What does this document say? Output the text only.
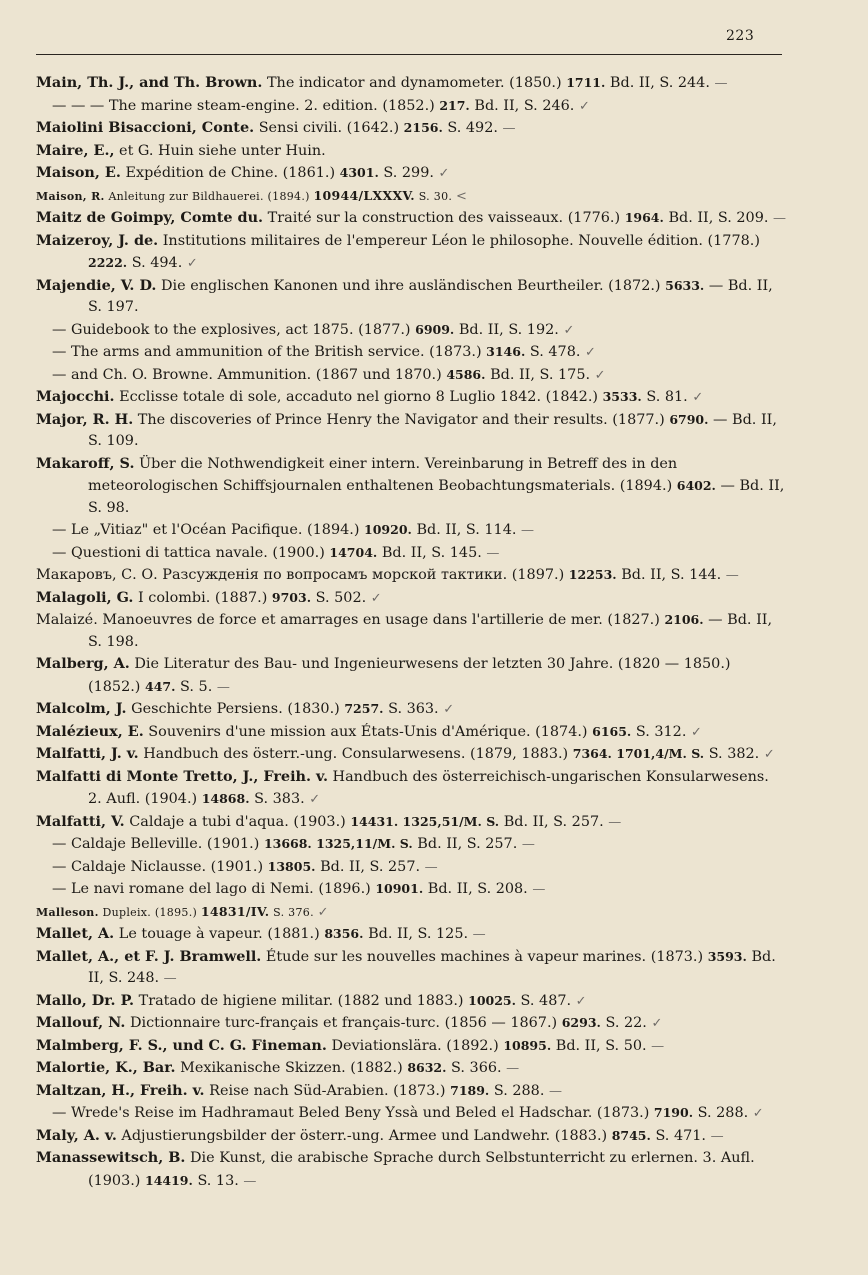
223
Main, Th. J., and Th. Brown. The indicator and dynamometer. (1850.) 1711. Bd. II, S. 244. —
— — — The marine steam-engine. 2. edition. (1852.) 217. Bd. II, S. 246. ✓
Maiolini Bisaccioni, Conte. Sensi civili. (1642.) 2156. S. 492. —
Maire, E., et G. Huin siehe unter Huin.
Maison, E. Expédition de Chine. (1861.) 4301. S. 299. ✓
Maison, R. Anleitung zur Bildhauerei. (1894.) 10944/LXXXV. S. 30. <
Maitz de Goimpy, Comte du. Traité sur la construction des vaisseaux. (1776.) 1964. Bd. II, S. 209. —
Maizeroy, J. de. Institutions militaires de l'empereur Léon le philosophe. Nouvelle édition. (1778.) 2222. S. 494. ✓
Majendie, V. D. Die englischen Kanonen und ihre ausländischen Beurtheiler. (1872.) 5633. — Bd. II, S. 197.
— Guidebook to the explosives, act 1875. (1877.) 6909. Bd. II, S. 192. ✓
— The arms and ammunition of the British service. (1873.) 3146. S. 478. ✓
— and Ch. O. Browne. Ammunition. (1867 und 1870.) 4586. Bd. II, S. 175. ✓
Majocchi. Ecclisse totale di sole, accaduto nel giorno 8 Luglio 1842. (1842.) 3533. S. 81. ✓
Major, R. H. The discoveries of Prince Henry the Navigator and their results. (1877.) 6790. — Bd. II, S. 109.
Makaroff, S. Über die Nothwendigkeit einer intern. Vereinbarung in Betreff des in den meteorologischen Schiffsjournalen enthaltenen Beobachtungsmaterials. (1894.) 6402. — Bd. II, S. 98.
— Le „Vitiaz" et l'Océan Pacifique. (1894.) 10920. Bd. II, S. 114. —
— Questioni di tattica navale. (1900.) 14704. Bd. II, S. 145. —
Макаровъ, С. О. Разсужденія по вопросамъ морской тактики. (1897.) 12253. Bd. II, S. 144. —
Malagoli, G. I colombi. (1887.) 9703. S. 502. ✓
Malaizé. Manoeuvres de force et amarrages en usage dans l'artillerie de mer. (1827.) 2106. — Bd. II, S. 198.
Malberg, A. Die Literatur des Bau- und Ingenieurwesens der letzten 30 Jahre. (1820 — 1850.) (1852.) 447. S. 5. —
Malcolm, J. Geschichte Persiens. (1830.) 7257. S. 363. ✓
Malézieux, E. Souvenirs d'une mission aux États-Unis d'Amérique. (1874.) 6165. S. 312. ✓
Malfatti, J. v. Handbuch des österr.-ung. Consularwesens. (1879, 1883.) 7364. 1701,4/M. S. S. 382. ✓
Malfatti di Monte Tretto, J., Freih. v. Handbuch des österreichisch-ungarischen Konsularwesens. 2. Aufl. (1904.) 14868. S. 383. ✓
Malfatti, V. Caldaje a tubi d'aqua. (1903.) 14431. 1325,51/M. S. Bd. II, S. 257. —
— Caldaje Belleville. (1901.) 13668. 1325,11/M. S. Bd. II, S. 257. —
— Caldaje Niclausse. (1901.) 13805. Bd. II, S. 257. —
— Le navi romane del lago di Nemi. (1896.) 10901. Bd. II, S. 208. —
Malleson. Dupleix. (1895.) 14831/IV. S. 376. ✓
Mallet, A. Le touage à vapeur. (1881.) 8356. Bd. II, S. 125. —
Mallet, A., et F. J. Bramwell. Étude sur les nouvelles machines à vapeur marines. (1873.) 3593. Bd. II, S. 248. —
Mallo, Dr. P. Tratado de higiene militar. (1882 und 1883.) 10025. S. 487. ✓
Mallouf, N. Dictionnaire turc-français et français-turc. (1856 — 1867.) 6293. S. 22. ✓
Malmberg, F. S., und C. G. Fineman. Deviationslära. (1892.) 10895. Bd. II, S. 50. —
Malortie, K., Bar. Mexikanische Skizzen. (1882.) 8632. S. 366. —
Maltzan, H., Freih. v. Reise nach Süd-Arabien. (1873.) 7189. S. 288. —
— Wrede's Reise im Hadhramaut Beled Beny Yssà und Beled el Hadschar. (1873.) 7190. S. 288. ✓
Maly, A. v. Adjustierungsbilder der österr.-ung. Armee und Landwehr. (1883.) 8745. S. 471. —
Manassewitsch, B. Die Kunst, die arabische Sprache durch Selbstunterricht zu erlernen. 3. Aufl. (1903.) 14419. S. 13. —
